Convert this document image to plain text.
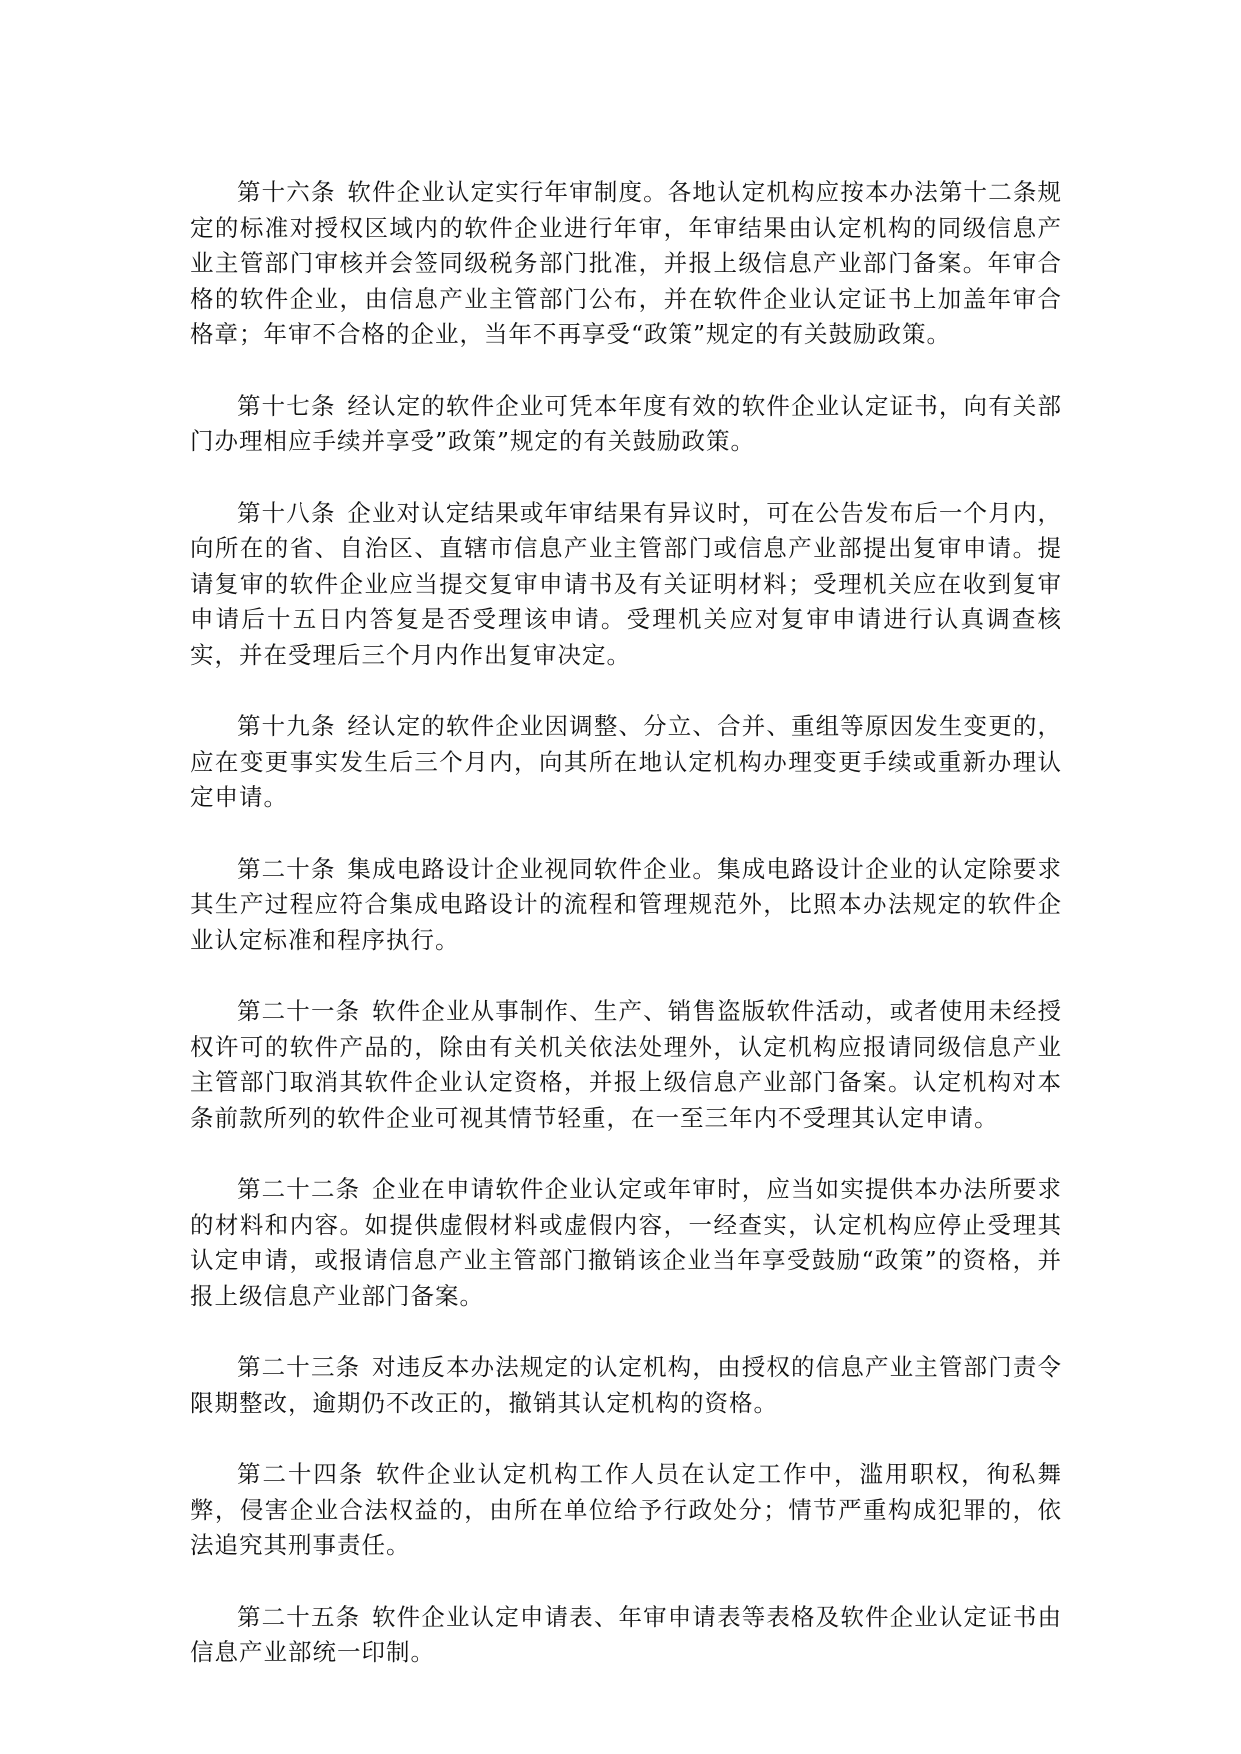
第十六条 软件企业认定实行年审制度。各地认定机构应按本办法第十二条规定的标准对授权区域内的软件企业进行年审，年审结果由认定机构的同级信息产业主管部门审核并会签同级税务部门批准，并报上级信息产业部门备案。年审合格的软件企业，由信息产业主管部门公布，并在软件企业认定证书上加盖年审合格章；年审不合格的企业，当年不再享受“政策”规定的有关鼓励政策。

第十七条 经认定的软件企业可凭本年度有效的软件企业认定证书，向有关部门办理相应手续并享受”政策”规定的有关鼓励政策。

第十八条 企业对认定结果或年审结果有异议时，可在公告发布后一个月内，向所在的省、自治区、直辖市信息产业主管部门或信息产业部提出复审申请。提请复审的软件企业应当提交复审申请书及有关证明材料；受理机关应在收到复审申请后十五日内答复是否受理该申请。受理机关应对复审申请进行认真调查核实，并在受理后三个月内作出复审决定。

第十九条 经认定的软件企业因调整、分立、合并、重组等原因发生变更的，应在变更事实发生后三个月内，向其所在地认定机构办理变更手续或重新办理认定申请。

第二十条 集成电路设计企业视同软件企业。集成电路设计企业的认定除要求其生产过程应符合集成电路设计的流程和管理规范外，比照本办法规定的软件企业认定标准和程序执行。

第二十一条 软件企业从事制作、生产、销售盗版软件活动，或者使用未经授权许可的软件产品的，除由有关机关依法处理外，认定机构应报请同级信息产业主管部门取消其软件企业认定资格，并报上级信息产业部门备案。认定机构对本条前款所列的软件企业可视其情节轻重，在一至三年内不受理其认定申请。

第二十二条 企业在申请软件企业认定或年审时，应当如实提供本办法所要求的材料和内容。如提供虚假材料或虚假内容，一经查实，认定机构应停止受理其认定申请，或报请信息产业主管部门撤销该企业当年享受鼓励“政策”的资格，并报上级信息产业部门备案。

第二十三条 对违反本办法规定的认定机构，由授权的信息产业主管部门责令限期整改，逾期仍不改正的，撤销其认定机构的资格。

第二十四条 软件企业认定机构工作人员在认定工作中，滥用职权，徇私舞弊，侵害企业合法权益的，由所在单位给予行政处分；情节严重构成犯罪的，依法追究其刑事责任。

第二十五条 软件企业认定申请表、年审申请表等表格及软件企业认定证书由信息产业部统一印制。
